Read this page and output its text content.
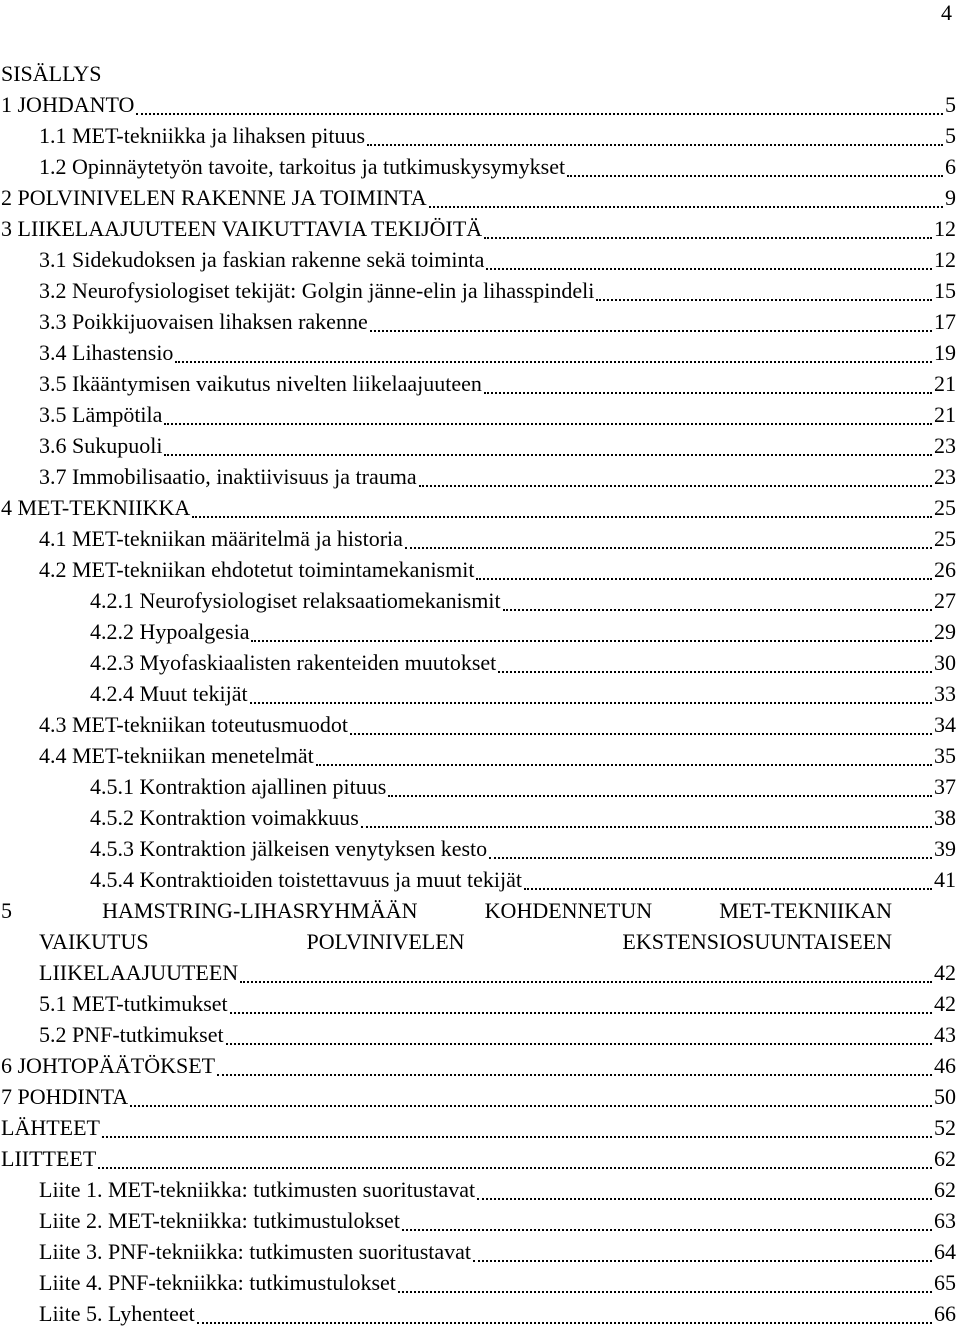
4
SISÄLLYS
1 JOHDANTO	5
1.1 MET-tekniikka ja lihaksen pituus	5
1.2 Opinnäytetyön tavoite, tarkoitus ja tutkimuskysymykset	6
2 POLVINIVELEN RAKENNE JA TOIMINTA	9
3 LIIKELAAJUUTEEN VAIKUTTAVIA TEKIJÖITÄ	12
3.1 Sidekudoksen ja faskian rakenne sekä toiminta	12
3.2 Neurofysiologiset tekijät: Golgin jänne-elin ja lihasspindeli	15
3.3 Poikkijuovaisen lihaksen rakenne	17
3.4 Lihastensio	19
3.5 Ikääntymisen vaikutus nivelten liikelaajuuteen	21
3.5 Lämpötila	21
3.6 Sukupuoli	23
3.7 Immobilisaatio, inaktiivisuus ja trauma	23
4 MET-TEKNIIKKA	25
4.1 MET-tekniikan määritelmä ja historia	25
4.2 MET-tekniikan ehdotetut toimintamekanismit	26
4.2.1 Neurofysiologiset relaksaatiomekanismit	27
4.2.2 Hypoalgesia	29
4.2.3 Myofaskiaalisten rakenteiden muutokset	30
4.2.4 Muut tekijät	33
4.3 MET-tekniikan toteutusmuodot	34
4.4 MET-tekniikan menetelmät	35
4.5.1 Kontraktion ajallinen pituus	37
4.5.2 Kontraktion voimakkuus	38
4.5.3 Kontraktion jälkeisen venytyksen kesto	39
4.5.4 Kontraktioiden toistettavuus ja muut tekijät	41
5	HAMSTRING-LIHASRYHMÄÄN	KOHDENNETUN	MET-TEKNIIKAN
VAIKUTUS	POLVINIVELEN	EKSTENSIOSUUNTAISEEN
LIIKELAAJUUTEEN	42
5.1 MET-tutkimukset	42
5.2 PNF-tutkimukset	43
6 JOHTOPÄÄTÖKSET	46
7 POHDINTA	50
LÄHTEET	52
LIITTEET	62
Liite 1. MET-tekniikka: tutkimusten suoritustavat	62
Liite 2. MET-tekniikka: tutkimustulokset	63
Liite 3. PNF-tekniikka: tutkimusten suoritustavat	64
Liite 4. PNF-tekniikka: tutkimustulokset	65
Liite 5. Lyhenteet	66
